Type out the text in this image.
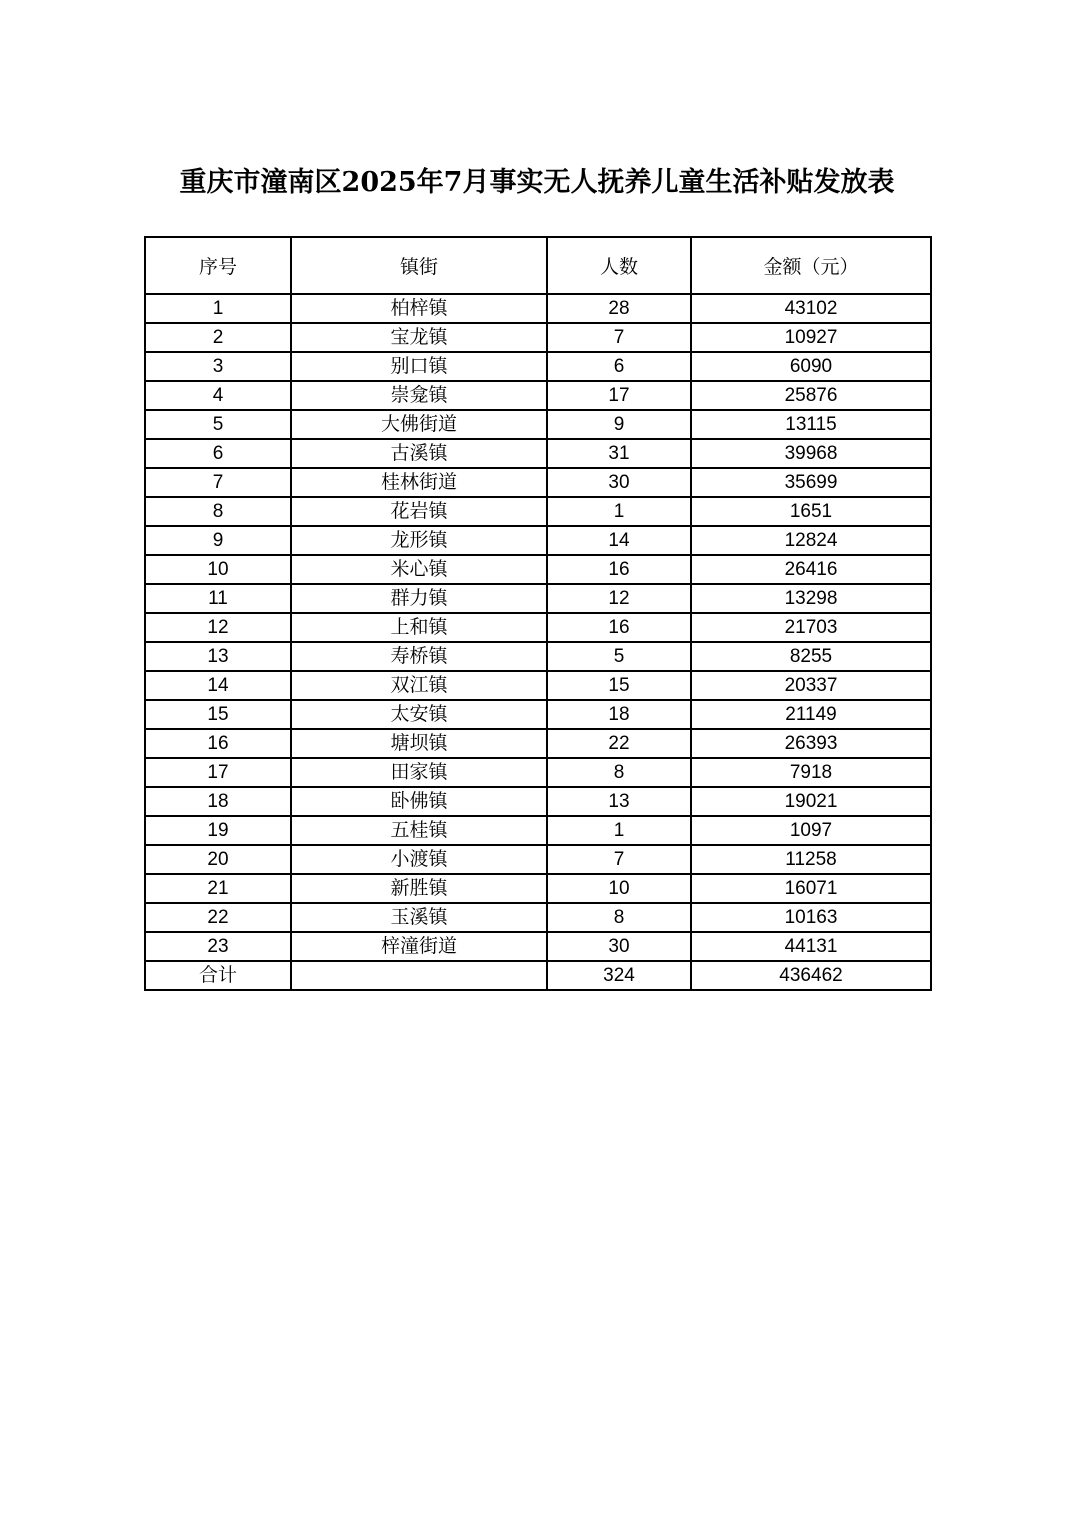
重庆市潼南区2025年7月事实无人抚养儿童生活补贴发放表
序号	镇街	人数	金额（元）
1	柏梓镇	28	43102
2	宝龙镇	7	10927
3	别口镇	6	6090
4	崇龛镇	17	25876
5	大佛街道	9	13115
6	古溪镇	31	39968
7	桂林街道	30	35699
8	花岩镇	1	1651
9	龙形镇	14	12824
10	米心镇	16	26416
11	群力镇	12	13298
12	上和镇	16	21703
13	寿桥镇	5	8255
14	双江镇	15	20337
15	太安镇	18	21149
16	塘坝镇	22	26393
17	田家镇	8	7918
18	卧佛镇	13	19021
19	五桂镇	1	1097
20	小渡镇	7	11258
21	新胜镇	10	16071
22	玉溪镇	8	10163
23	梓潼街道	30	44131
合计		324	436462
